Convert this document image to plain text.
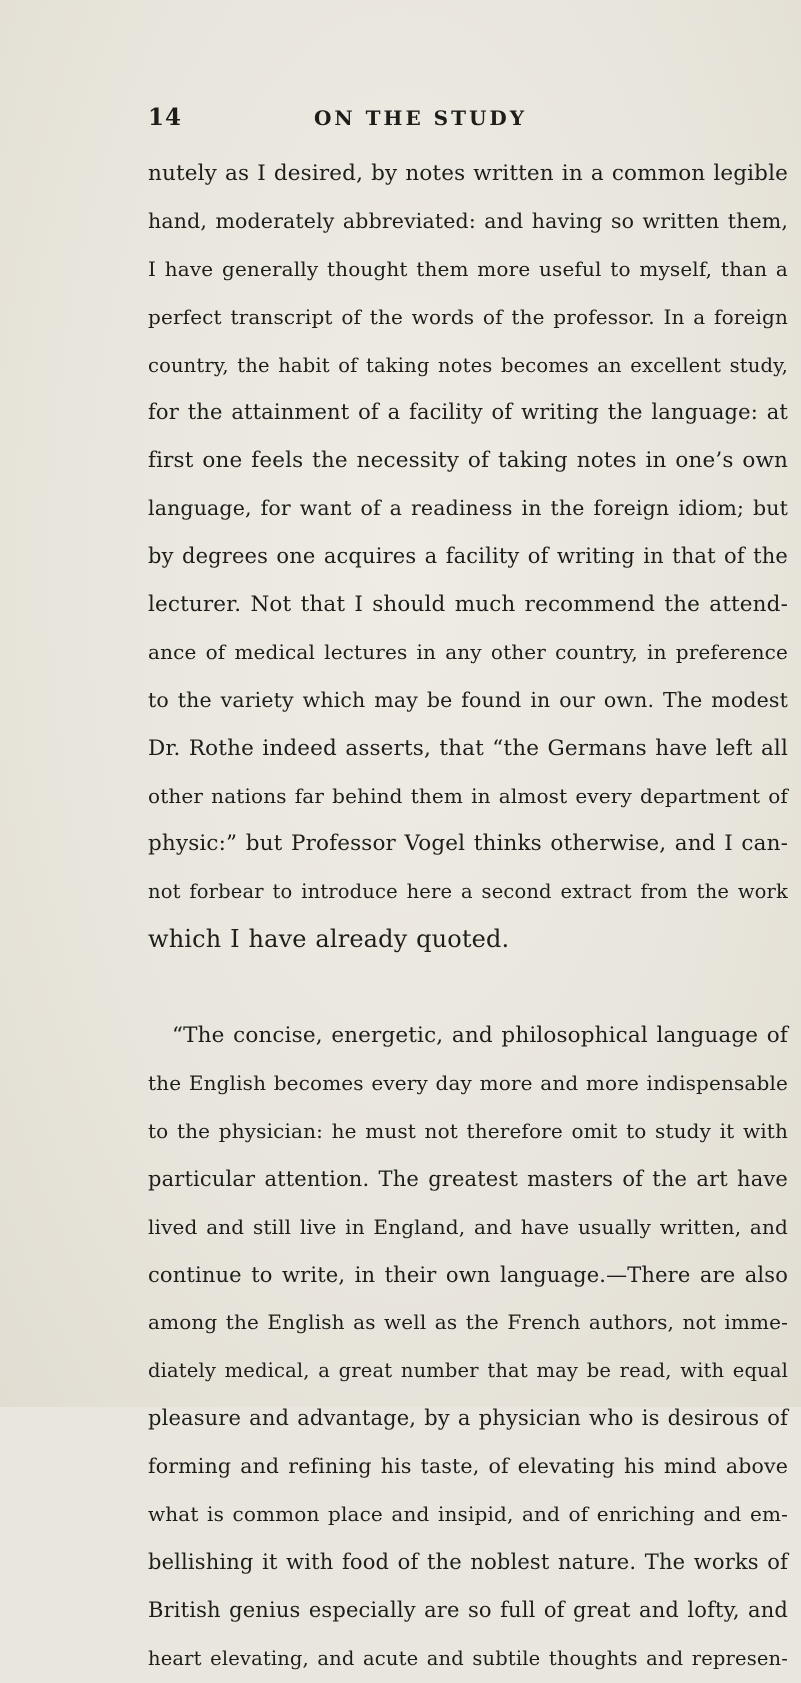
14	ON THE STUDY
nutely as I desired, by notes written in a common legible
hand, moderately abbreviated: and having so written them,
I have generally thought them more useful to myself, than a
perfect transcript of the words of the professor. In a foreign
country, the habit of taking notes becomes an excellent study,
for the attainment of a facility of writing the language: at
first one feels the necessity of taking notes in one’s own
language, for want of a readiness in the foreign idiom; but
by degrees one acquires a facility of writing in that of the
lecturer. Not that I should much recommend the attend-
ance of medical lectures in any other country, in preference
to the variety which may be found in our own. The modest
Dr. Rothe indeed asserts, that “the Germans have left all
other nations far behind them in almost every department of
physic:” but Professor Vogel thinks otherwise, and I can-
not forbear to introduce here a second extract from the work
which I have already quoted.
“The concise, energetic, and philosophical language of
the English becomes every day more and more indispensable
to the physician: he must not therefore omit to study it with
particular attention. The greatest masters of the art have
lived and still live in England, and have usually written, and
continue to write, in their own language.—There are also
among the English as well as the French authors, not imme-
diately medical, a great number that may be read, with equal
pleasure and advantage, by a physician who is desirous of
forming and refining his taste, of elevating his mind above
what is common place and insipid, and of enriching and em-
bellishing it with food of the noblest nature. The works of
British genius especially are so full of great and lofty, and
heart elevating, and acute and subtile thoughts and represen-
